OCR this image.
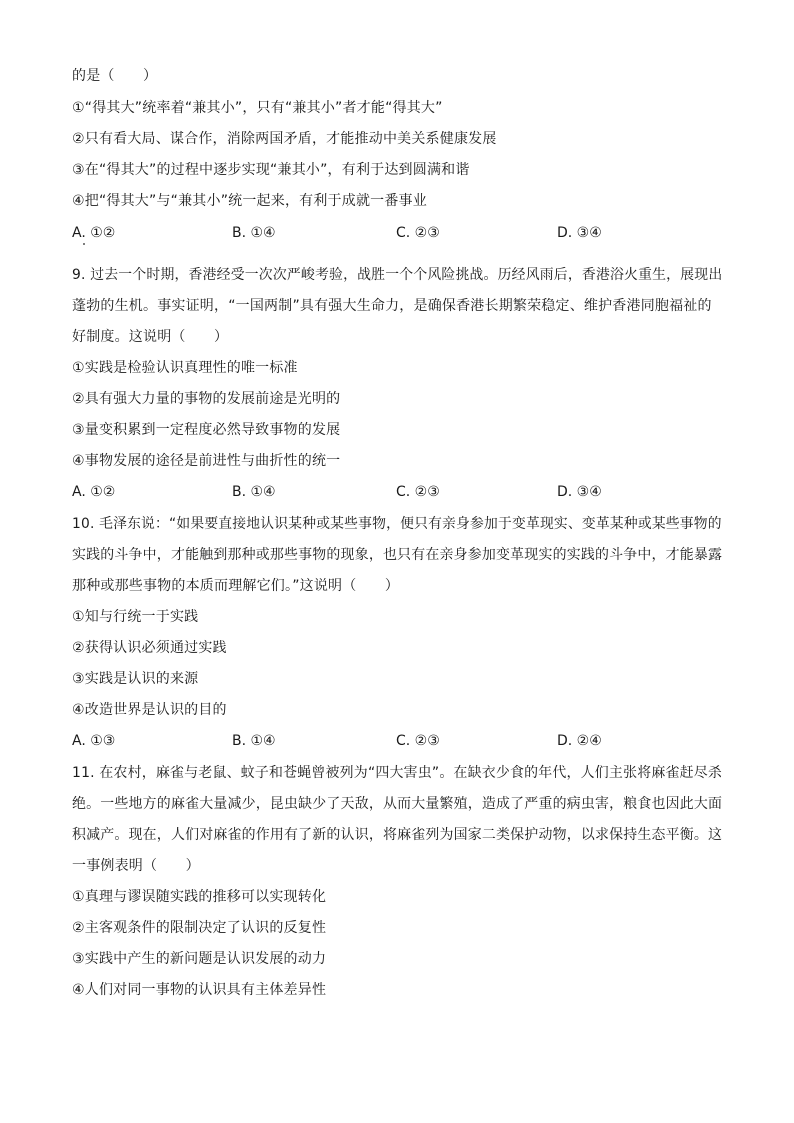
的是（　　）
①“得其大”统率着“兼其小”，只有“兼其小”者才能“得其大”
②只有看大局、谋合作，消除两国矛盾，才能推动中美关系健康发展
③在“得其大”的过程中逐步实现“兼其小”，有利于达到圆满和谐
④把“得其大”与“兼其小”统一起来，有利于成就一番事业
A. ①②	B. ①④	C. ②③	D. ③④
9. 过去一个时期，香港经受一次次严峻考验，战胜一个个风险挑战。历经风雨后，香港浴火重生，展现出
蓬勃的生机。事实证明，“一国两制”具有强大生命力，是确保香港长期繁荣稳定、维护香港同胞福祉的
好制度。这说明（　　）
①实践是检验认识真理性的唯一标准
②具有强大力量的事物的发展前途是光明的
③量变积累到一定程度必然导致事物的发展
④事物发展的途径是前进性与曲折性的统一
A. ①②	B. ①④	C. ②③	D. ③④
10. 毛泽东说：“如果要直接地认识某种或某些事物，便只有亲身参加于变革现实、变革某种或某些事物的
实践的斗争中，才能触到那种或那些事物的现象，也只有在亲身参加变革现实的实践的斗争中，才能暴露
那种或那些事物的本质而理解它们。”这说明（　　）
①知与行统一于实践
②获得认识必须通过实践
③实践是认识的来源
④改造世界是认识的目的
A. ①③	B. ①④	C. ②③	D. ②④
11. 在农村，麻雀与老鼠、蚊子和苍蝇曾被列为“四大害虫”。在缺衣少食的年代，人们主张将麻雀赶尽杀
绝。一些地方的麻雀大量减少，昆虫缺少了天敌，从而大量繁殖，造成了严重的病虫害，粮食也因此大面
积减产。现在，人们对麻雀的作用有了新的认识，将麻雀列为国家二类保护动物，以求保持生态平衡。这
一事例表明（　　）
①真理与谬误随实践的推移可以实现转化
②主客观条件的限制决定了认识的反复性
③实践中产生的新问题是认识发展的动力
④人们对同一事物的认识具有主体差异性
